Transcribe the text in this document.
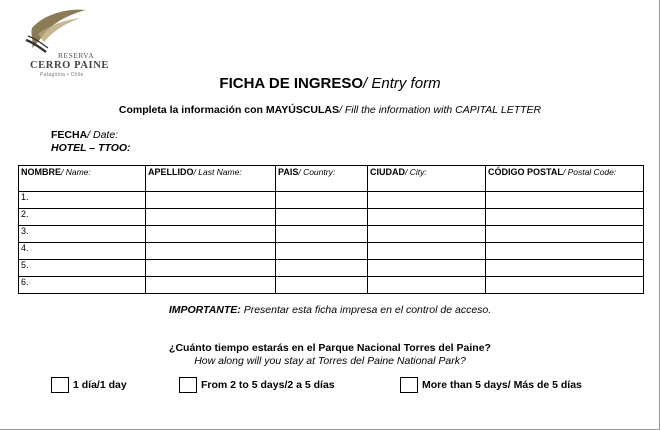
RESERVA
CERRO PAINE
Patagonia • Chile	FICHA DE INGRESO/ Entry form
Completa la información con MAYÚSCULAS/ Fill the information with CAPITAL LETTER
FECHA/ Date:
HOTEL – TTOO:
NOMBRE/ Name:	APELLIDO/ Last Name:	PAIS/ Country:	CIUDAD/ City:	CÓDIGO POSTAL/ Postal Code:
1.				
2.				
3.				
4.				
5.				
6.				
IMPORTANTE: Presentar esta ficha impresa en el control de acceso.
¿Cuánto tiempo estarás en el Parque Nacional Torres del Paine?
How along will you stay at Torres del Paine National Park?
1 día/1 day	From 2 to 5 days/2 a 5 días	More than 5 days/ Más de 5 días
